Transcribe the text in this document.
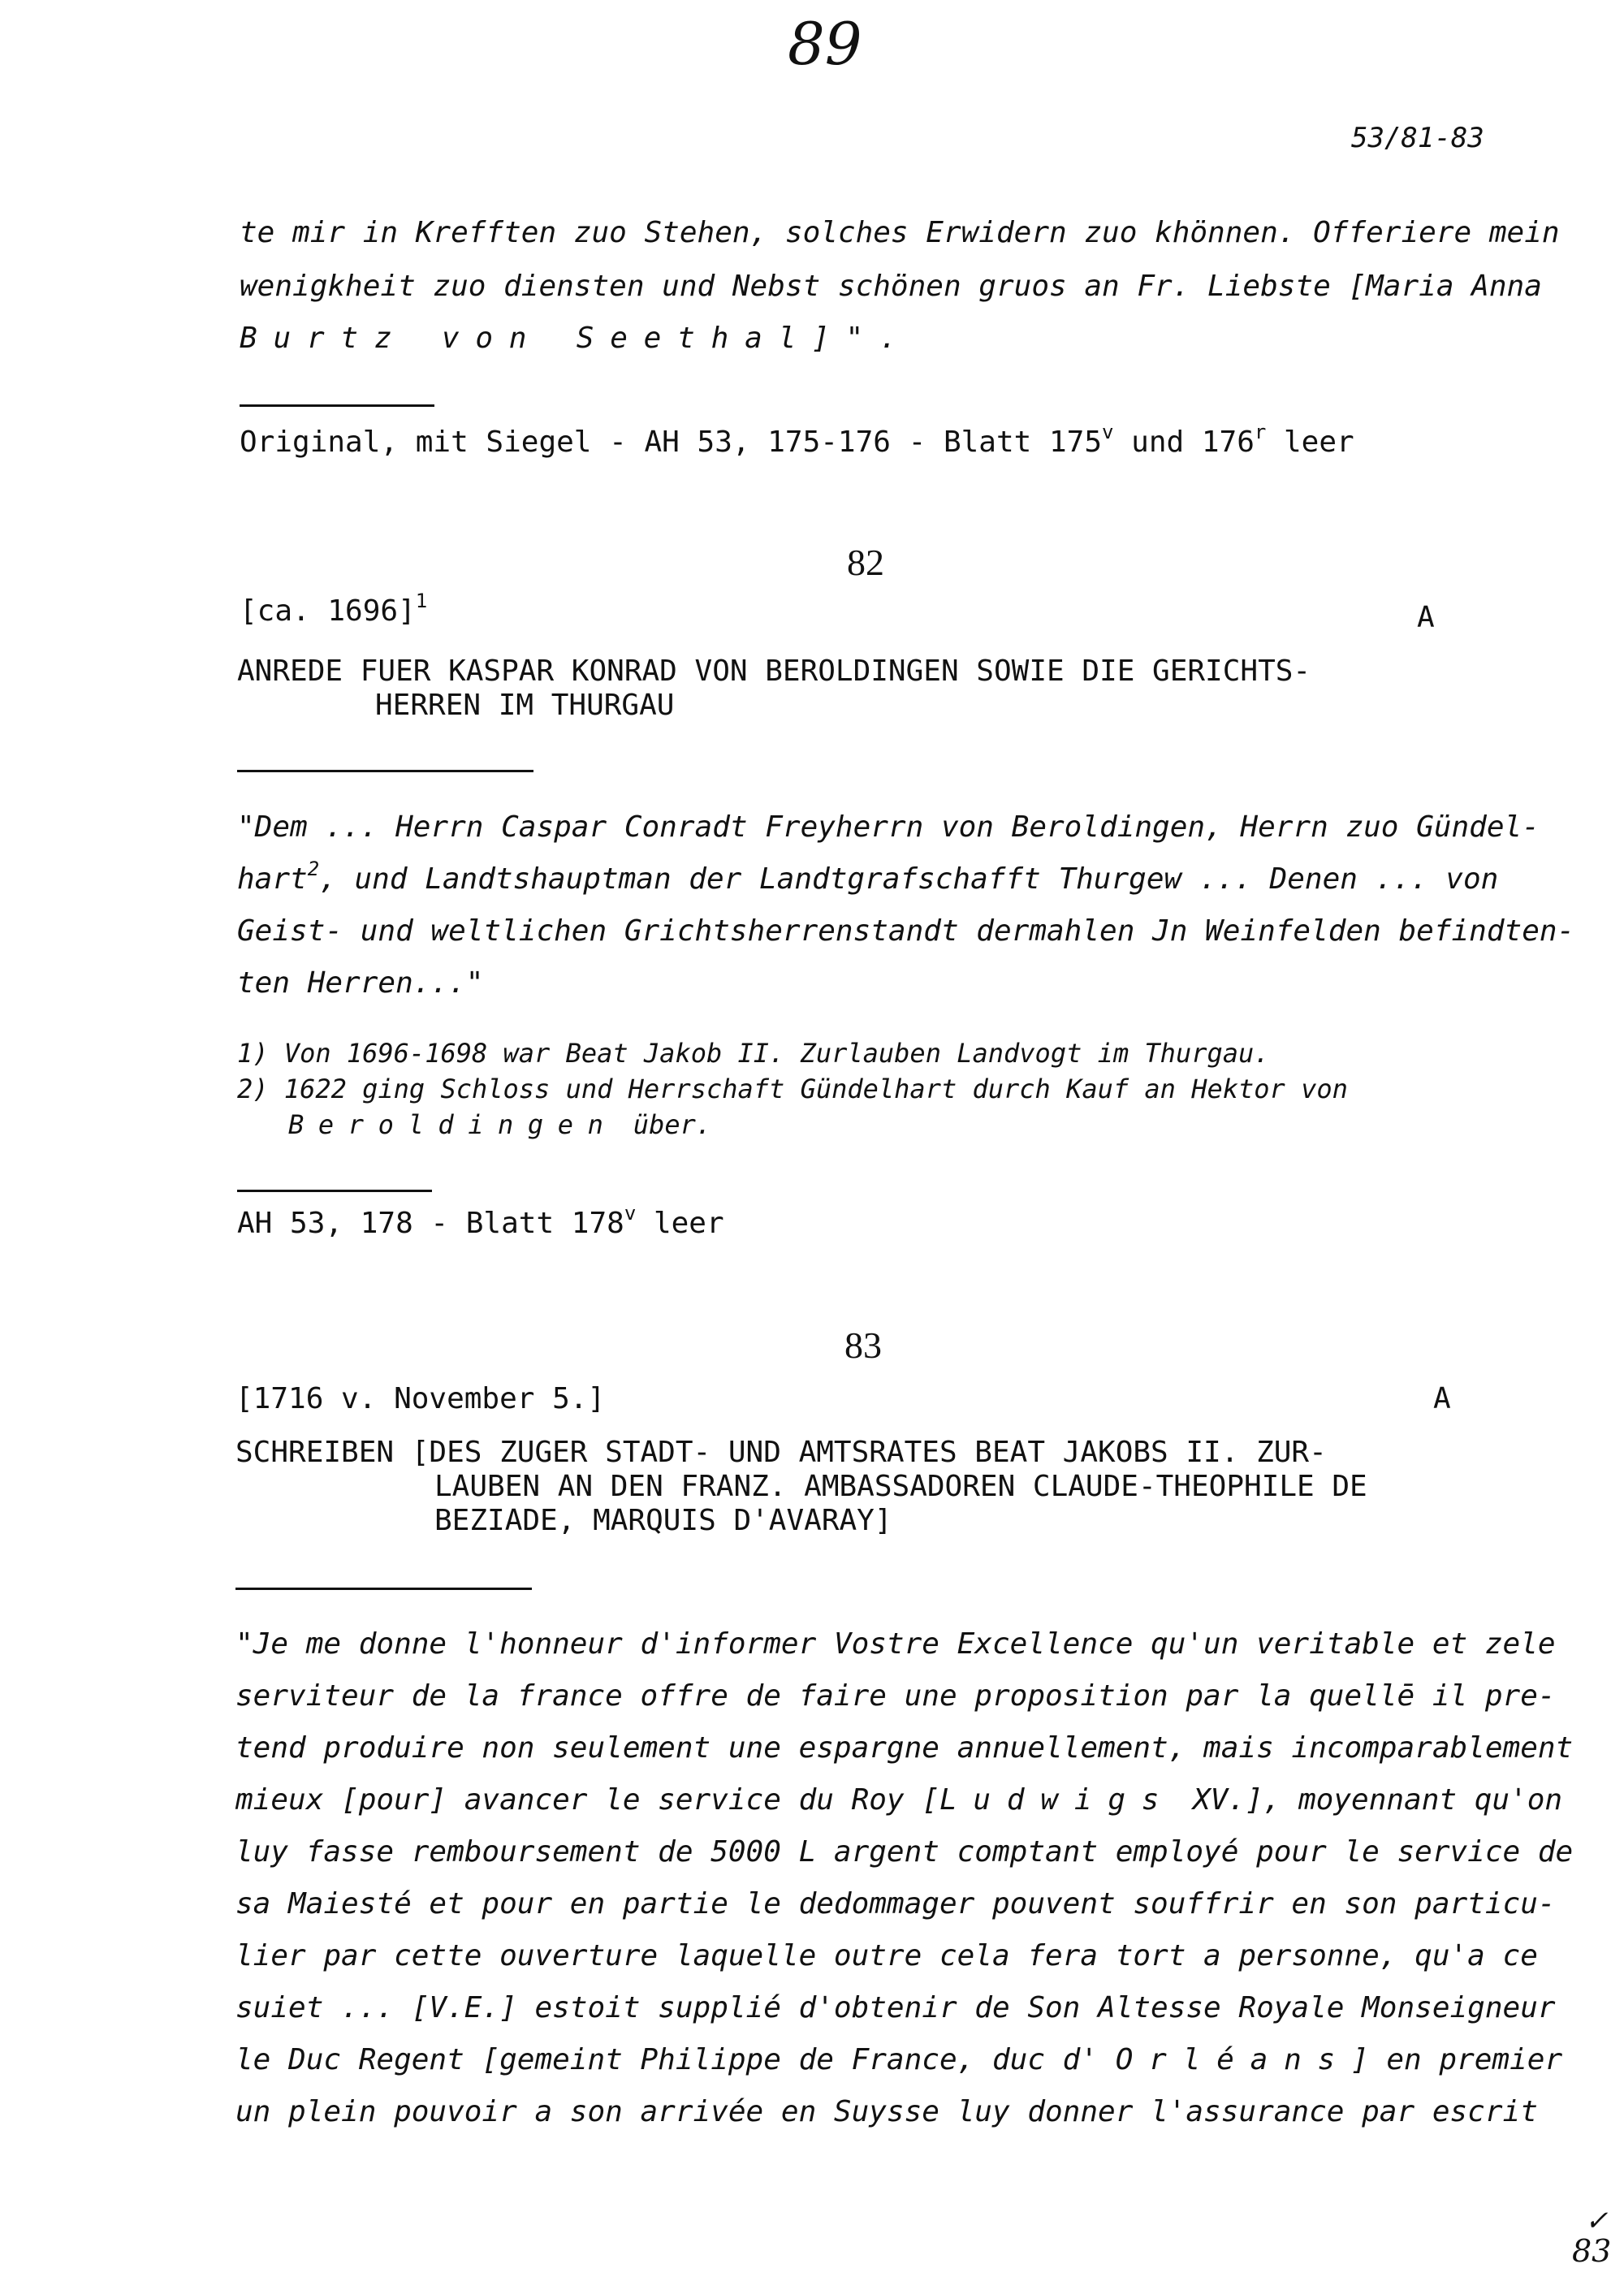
89
53/81-83
te mir in Krefften zuo Stehen, solches Erwidern zuo khönnen. Offeriere mein
wenigkheit zuo diensten und Nebst schönen gruos an Fr. Liebste [Maria Anna
Burtz von Seethal]".
Original, mit Siegel - AH 53, 175-176 - Blatt 175$^v$ und 176$^r$ leer
82
[ca. 1696]$^1$	A
ANREDE FUER KASPAR KONRAD VON BEROLDINGEN SOWIE DIE GERICHTS-
HERREN IM THURGAU
"Dem ... Herrn Caspar Conradt Freyherrn von Beroldingen, Herrn zuo Gündel-
hart$^2$, und Landtshauptman der Landtgrafschafft Thurgew ... Denen ... von
Geist- und weltlichen Grichtsherrenstandt dermahlen Jn Weinfelden befindten-
ten Herren..."
1) Von 1696-1698 war Beat Jakob II. Zurlauben Landvogt im Thurgau.
2) 1622 ging Schloss und Herrschaft Gündelhart durch Kauf an Hektor von
Beroldingen über.
AH 53, 178 - Blatt 178$^v$ leer
83
[1716 v. November 5.]	A
SCHREIBEN [DES ZUGER STADT- UND AMTSRATES BEAT JAKOBS II. ZUR-
LAUBEN AN DEN FRANZ. AMBASSADOREN CLAUDE-THEOPHILE DE
BEZIADE, MARQUIS D'AVARAY]
"Je me donne l'honneur d'informer Vostre Excellence qu'un veritable et zele
serviteur de la france offre de faire une proposition par la quellē il pre-
tend produire non seulement une espargne annuellement, mais incomparablement
mieux [pour] avancer le service du Roy [Ludwigs XV.], moyennant qu'on
luy fasse remboursement de 5000 L argent comptant employé pour le service de
sa Maiesté et pour en partie le dedommager pouvent souffrir en son particu-
lier par cette ouverture laquelle outre cela fera tort a personne, qu'a ce
suiet ... [V.E.] estoit supplié d'obtenir de Son Altesse Royale Monseigneur
le Duc Regent [gemeint Philippe de France, duc d' Orléans] en premier
un plein pouvoir a son arrivée en Suysse luy donner l'assurance par escrit
✓
83
